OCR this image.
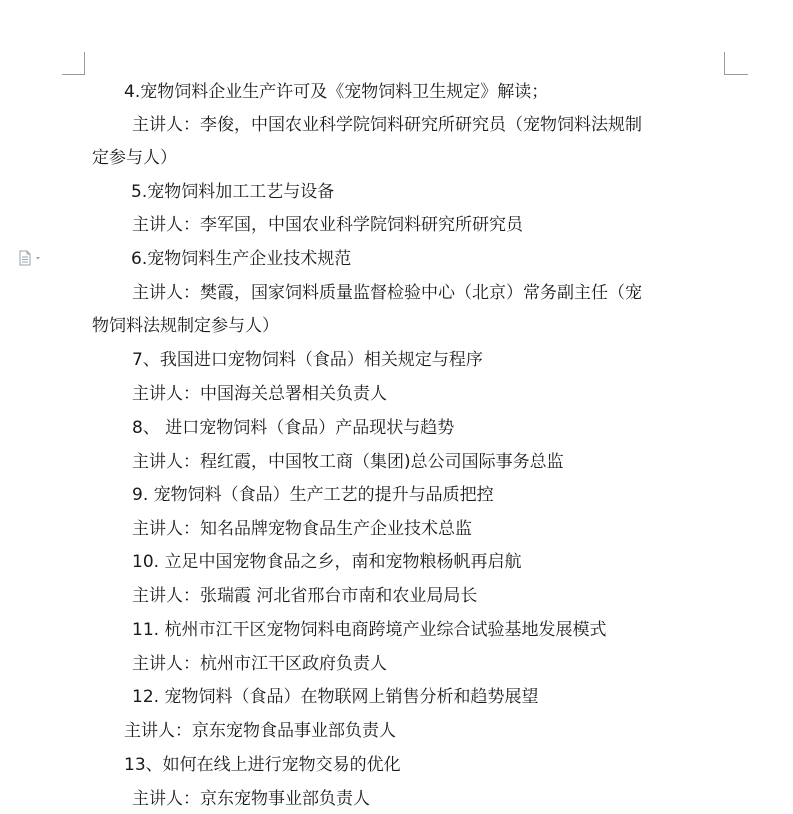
4.宠物饲料企业生产许可及《宠物饲料卫生规定》解读；
主讲人：李俊，中国农业科学院饲料研究所研究员（宠物饲料法规制
定参与人）
5.宠物饲料加工工艺与设备
主讲人：李军国，中国农业科学院饲料研究所研究员
6.宠物饲料生产企业技术规范
主讲人：樊霞，国家饲料质量监督检验中心（北京）常务副主任（宠
物饲料法规制定参与人）
7、我国进口宠物饲料（食品）相关规定与程序
主讲人：中国海关总署相关负责人
8、 进口宠物饲料（食品）产品现状与趋势
主讲人：程红霞，中国牧工商（集团)总公司国际事务总监
9. 宠物饲料（食品）生产工艺的提升与品质把控
主讲人：知名品牌宠物食品生产企业技术总监
10. 立足中国宠物食品之乡，南和宠物粮杨帆再启航
主讲人：张瑞霞 河北省邢台市南和农业局局长
11. 杭州市江干区宠物饲料电商跨境产业综合试验基地发展模式
主讲人：杭州市江干区政府负责人
12. 宠物饲料（食品）在物联网上销售分析和趋势展望
主讲人：京东宠物食品事业部负责人
13、如何在线上进行宠物交易的优化
主讲人：京东宠物事业部负责人
